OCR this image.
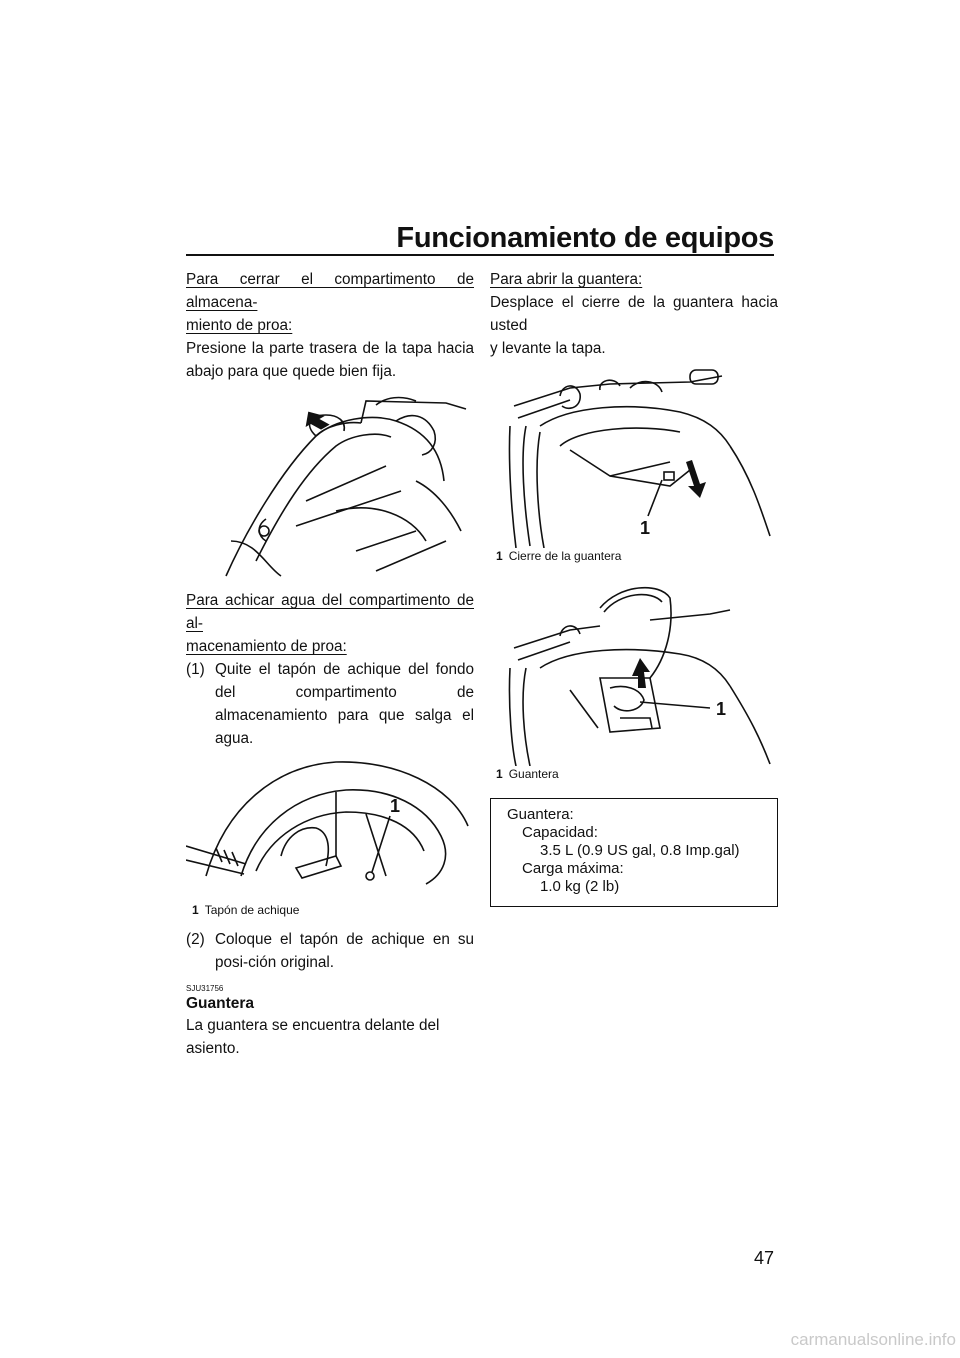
Funcionamiento de equipos
Para cerrar el compartimento de almacena-
miento de proa:
Presione la parte trasera de la tapa hacia
abajo para que quede bien fija.
Para achicar agua del compartimento de al-
macenamiento de proa:
(1) Quite el tapón de achique del fondo del compartimento de almacenamiento para que salga el agua.
1
1 Tapón de achique
(2) Coloque el tapón de achique en su posi-ción original.
SJU31756
Guantera
La guantera se encuentra delante del asiento.
Para abrir la guantera:
Desplace el cierre de la guantera hacia usted
y levante la tapa.
1
1 Cierre de la guantera
1
1 Guantera
Guantera:
Capacidad:
3.5 L (0.9 US gal, 0.8 Imp.gal)
Carga máxima:
1.0 kg (2 lb)
47
carmanualsonline.info
